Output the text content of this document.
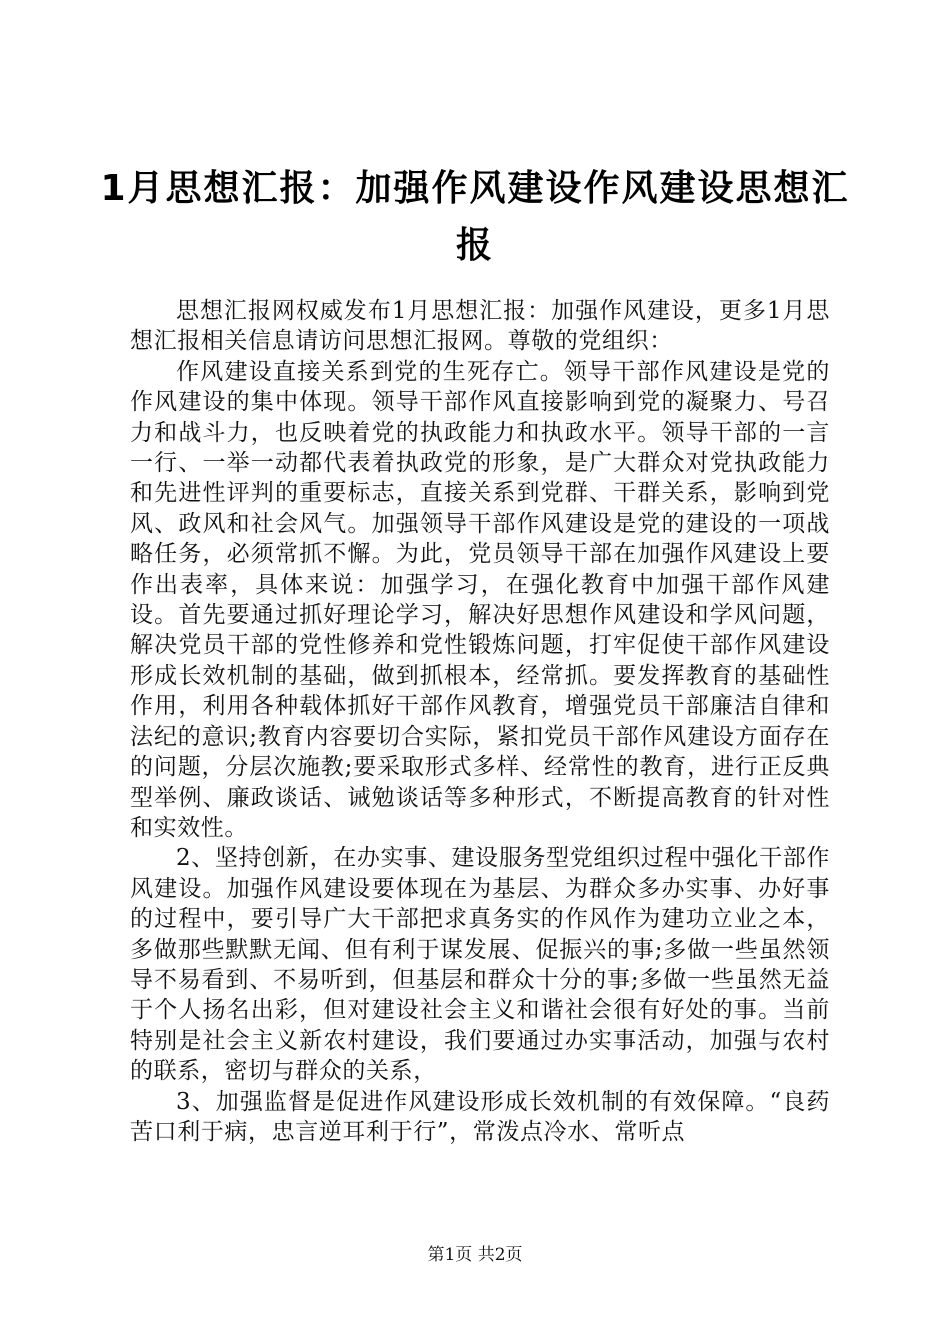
1月思想汇报：加强作风建设作风建设思想汇报

思想汇报网权威发布1月思想汇报：加强作风建设，更多1月思想汇报相关信息请访问思想汇报网。尊敬的党组织：

作风建设直接关系到党的生死存亡。领导干部作风建设是党的作风建设的集中体现。领导干部作风直接影响到党的凝聚力、号召力和战斗力，也反映着党的执政能力和执政水平。领导干部的一言一行、一举一动都代表着执政党的形象，是广大群众对党执政能力和先进性评判的重要标志，直接关系到党群、干群关系，影响到党风、政风和社会风气。加强领导干部作风建设是党的建设的一项战略任务，必须常抓不懈。为此，党员领导干部在加强作风建设上要作出表率，具体来说：加强学习，在强化教育中加强干部作风建设。首先要通过抓好理论学习，解决好思想作风建设和学风问题，解决党员干部的党性修养和党性锻炼问题，打牢促使干部作风建设形成长效机制的基础，做到抓根本，经常抓。要发挥教育的基础性作用，利用各种载体抓好干部作风教育，增强党员干部廉洁自律和法纪的意识;教育内容要切合实际，紧扣党员干部作风建设方面存在的问题，分层次施教;要采取形式多样、经常性的教育，进行正反典型举例、廉政谈话、诫勉谈话等多种形式，不断提高教育的针对性和实效性。

2、坚持创新，在办实事、建设服务型党组织过程中强化干部作风建设。加强作风建设要体现在为基层、为群众多办实事、办好事的过程中，要引导广大干部把求真务实的作风作为建功立业之本，多做那些默默无闻、但有利于谋发展、促振兴的事;多做一些虽然领导不易看到、不易听到，但基层和群众十分的事;多做一些虽然无益于个人扬名出彩，但对建设社会主义和谐社会很有好处的事。当前特别是社会主义新农村建设，我们要通过办实事活动，加强与农村的联系，密切与群众的关系，

3、加强监督是促进作风建设形成长效机制的有效保障。“良药苦口利于病，忠言逆耳利于行”，常泼点冷水、常听点

第1页 共2页
